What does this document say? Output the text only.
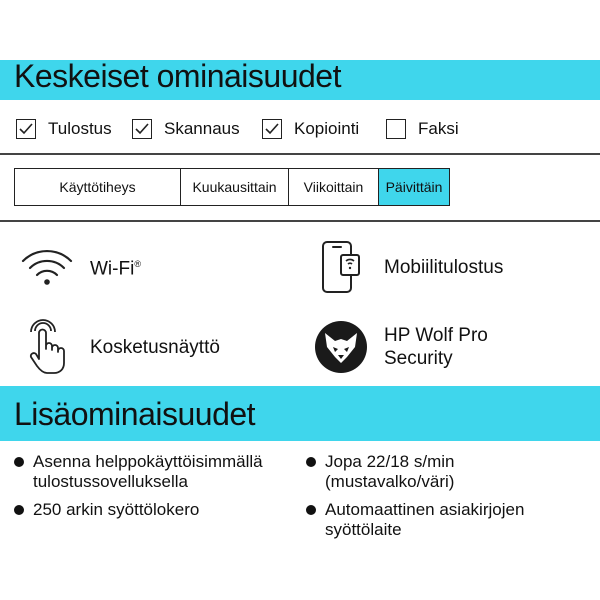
Keskeiset ominaisuudet
Tulostus	Skannaus	Kopiointi	Faksi
Käyttötiheys	Kuukausittain	Viikoittain	Päivittäin
Wi-Fi®	Mobiilitulostus
Kosketusnäyttö
HP Wolf Pro
Security
Lisäominaisuudet
Asenna helppokäyttöisimmällä
tulostussovelluksella
Jopa 22/18 s/min
(mustavalko/väri)
250 arkin syöttölokero	Automaattinen asiakirjojen
syöttölaite
